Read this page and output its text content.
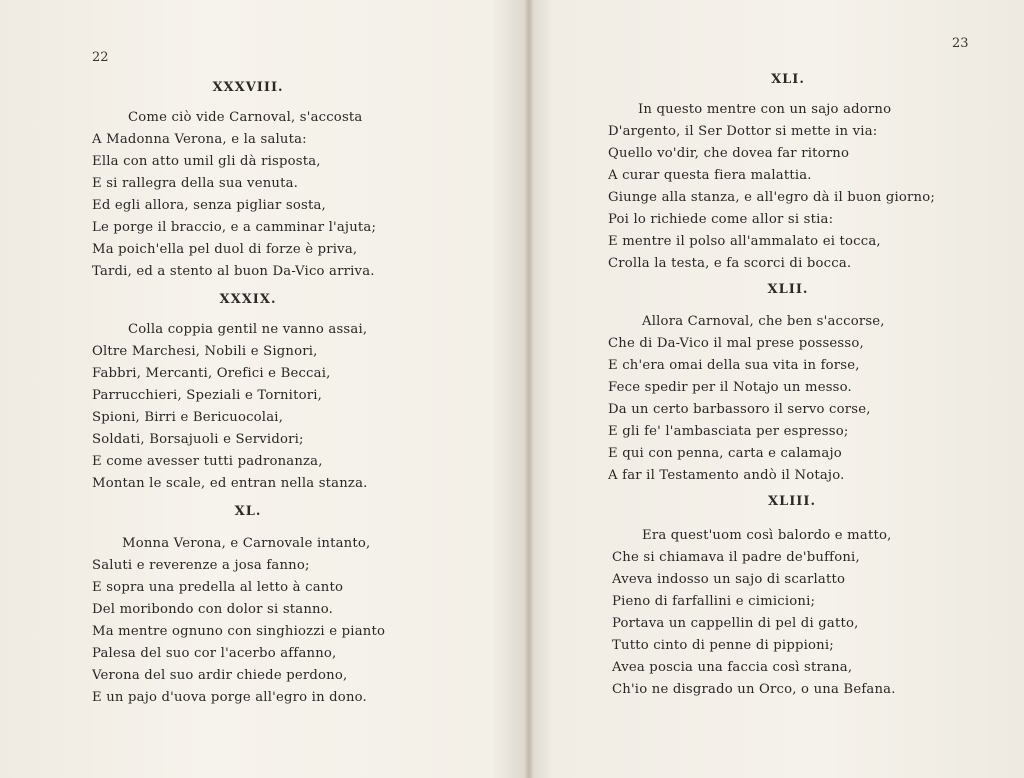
22
XXXVIII.
Come ciò vide Carnoval, s'accosta
A Madonna Verona, e la saluta:
Ella con atto umil gli dà risposta,
E si rallegra della sua venuta.
Ed egli allora, senza pigliar sosta,
Le porge il braccio, e a camminar l'ajuta;
Ma poich'ella pel duol di forze è priva,
Tardi, ed a stento al buon Da-Vico arriva.
XXXIX.
Colla coppia gentil ne vanno assai,
Oltre Marchesi, Nobili e Signori,
Fabbri, Mercanti, Orefici e Beccai,
Parrucchieri, Speziali e Tornitori,
Spioni, Birri e Bericuocolai,
Soldati, Borsajuoli e Servidori;
E come avesser tutti padronanza,
Montan le scale, ed entran nella stanza.
XL.
Monna Verona, e Carnovale intanto,
Saluti e reverenze a josa fanno;
E sopra una predella al letto à canto
Del moribondo con dolor si stanno.
Ma mentre ognuno con singhiozzi e pianto
Palesa del suo cor l'acerbo affanno,
Verona del suo ardir chiede perdono,
E un pajo d'uova porge all'egro in dono.
23
XLI.
In questo mentre con un sajo adorno
D'argento, il Ser Dottor si mette in via:
Quello vo'dir, che dovea far ritorno
A curar questa fiera malattia.
Giunge alla stanza, e all'egro dà il buon giorno;
Poi lo richiede come allor si stia:
E mentre il polso all'ammalato ei tocca,
Crolla la testa, e fa scorci di bocca.
XLII.
Allora Carnoval, che ben s'accorse,
Che di Da-Vico il mal prese possesso,
E ch'era omai della sua vita in forse,
Fece spedir per il Notajo un messo.
Da un certo barbassoro il servo corse,
E gli fe' l'ambasciata per espresso;
E qui con penna, carta e calamajo
A far il Testamento andò il Notajo.
XLIII.
Era quest'uom così balordo e matto,
Che si chiamava il padre de'buffoni,
Aveva indosso un sajo di scarlatto
Pieno di farfallini e cimicioni;
Portava un cappellin di pel di gatto,
Tutto cinto di penne di pippioni;
Avea poscia una faccia così strana,
Ch'io ne disgrado un Orco, o una Befana.
